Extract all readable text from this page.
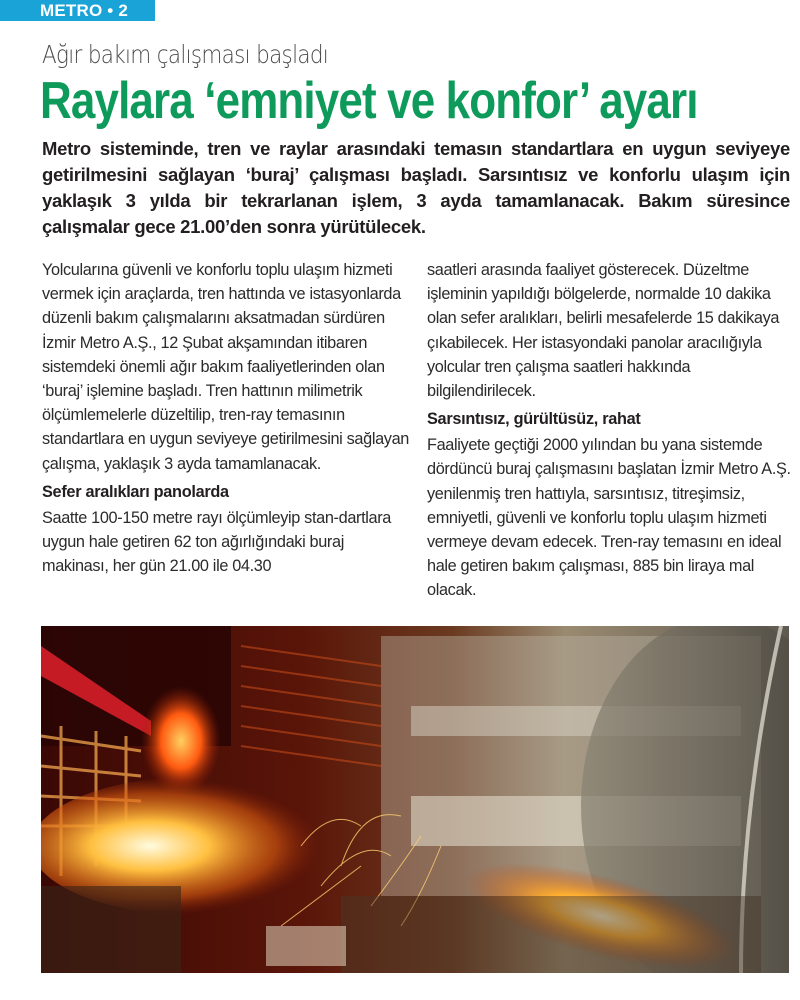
METRO • 2
Ağır bakım çalışması başladı
Raylara ‘emniyet ve konfor’ ayarı
Metro sisteminde, tren ve raylar arasındaki temasın standartlara en uygun seviyeye getirilmesini sağlayan ‘buraj’ çalışması başladı. Sarsıntısız ve konforlu ulaşım için yaklaşık 3 yılda bir tekrarlanan işlem, 3 ayda tamamlanacak. Bakım süresince çalışmalar gece 21.00’den sonra yürütülecek.

Yolcularına güvenli ve konforlu toplu ulaşım hizmeti vermek için araçlarda, tren hattında ve istasyonlarda düzenli bakım çalışmalarını aksatmadan sürdüren İzmir Metro A.Ş., 12 Şubat akşamından itibaren sistemdeki önemli ağır bakım faaliyetlerinden olan ‘buraj’ işlemine başladı. Tren hattının milimetrik ölçümlemelerle düzeltilip, tren-ray temasının standartlara en uygun seviyeye getirilmesini sağlayan çalışma, yaklaşık 3 ayda tamamlanacak.

Sefer aralıkları panolarda

Saatte 100-150 metre rayı ölçümleyip stan-dartlara uygun hale getiren 62 ton ağırlığındaki buraj makinası, her gün 21.00 ile 04.30

saatleri arasında faaliyet gösterecek. Düzeltme işleminin yapıldığı bölgelerde, normalde 10 dakika olan sefer aralıkları, belirli mesafelerde 15 dakikaya çıkabilecek. Her istasyondaki panolar aracılığıyla yolcular tren çalışma saatleri hakkında bilgilendirilecek.

Sarsıntısız, gürültüsüz, rahat

Faaliyete geçtiği 2000 yılından bu yana sistemde dördüncü buraj çalışmasını başlatan İzmir Metro A.Ş. yenilenmiş tren hattıyla, sarsıntısız, titreşimsiz, emniyetli, güvenli ve konforlu toplu ulaşım hizmeti vermeye devam edecek. Tren-ray temasını en ideal hale getiren bakım çalışması, 885 bin liraya mal olacak.
